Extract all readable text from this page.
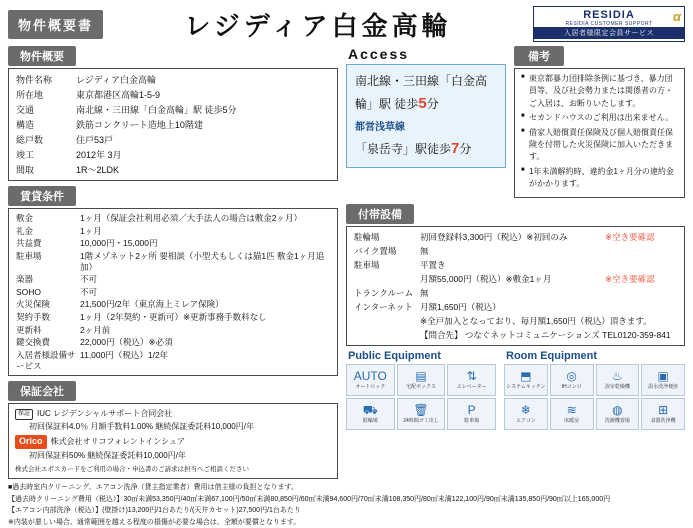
物件概要書	レジディア白金高輪	α
RESIDIA
RESIDIA CUSTOMER SUPPORT
入居者様限定会員サービス
物件概要
物件名称	レジディア白金高輪
所在地	東京都港区高輪1-5-9
交通	南北線・三田線「白金高輪」駅 徒歩5分
構造	鉄筋コンクリート造地上10階建
総戸数	住戸53戸
竣工	2012年 3月
間取	1R～2LDK
賃貸条件
敷金	1ヶ月（保証会社利用必須／大手法人の場合は敷金2ヶ月）
礼金	1ヶ月
共益費	10,000円・15,000円
駐車場	1階メゾネット2ヶ所 要相談（小型犬もしくは猫1匹 敷金1ヶ月追加）
楽器	不可
SOHO	不可
火災保険	21,500円/2年（東京海上ミレア保険）
契約手数	1ヶ月（2年契約・更新可）※更新事務手数料なし
更新料	2ヶ月前
鍵交換費	22,000円（税込）※必須
入居者様設備サービス	11,000円（税込）1/2年
保証会社
保証 IUC レジデンシャルサポート合同会社
初回保証料4.0％ 月額手数料1.00% 継続保証委託料10,000円/年
Orico	株式会社オリコフォレントインシュア
初回保証料50% 継続保証委託料10,000円/年
株式会社エポスカードをご利用の場合・申込書のご請求は担当へご相談ください
Access
南北線・三田線「白金高輪」駅 徒歩5分
都営浅草線
「泉岳寺」駅徒歩7分
備考
■ 東京都暴力団排除条例に基づき、暴力団員等、及び社会勢力または関係者の方・ご入居は、お断りいたします。
■ セカンドハウスのご利用は出来ません。
■ 借家人賠償責任保険及び個人賠償責任保険を付帯した火災保険に加入いただきます。
■ 1年未満解約時、違約金1ヶ月分の違約金がかかります。
付帯設備
駐輪場	初回登録料3,300円（税込）※初回のみ	※空き要確認
バイク置場	無	
駐車場	平置き	
	月額55,000円（税込）※敷金1ヶ月	※空き要確認
トランクルーム	無	
インターネット	月額1,650円（税込）	
	※全戸加入となっており、毎月額1,650円（税込）頂きます。	
	【問合先】 つなぐネットコミュニケーションズ TEL0120-359-841	
Public Equipment
AUTO
オートロック
▤
宅配ボックス
⇅
エレベーター
⛟
駐輪場
🗑
24時間ゴミ出し
P
駐車場
Room Equipment
⬒
システムキッチン
◎
IHコンロ
♨
浴室乾燥機
▣
温水洗浄便座
❄
エアコン
≋
床暖房
◍
洗濯機置場
⊞
食器洗浄機

■過去時室内クリーニング、エアコン洗浄（貸主指定業者）費用は借主様の負担となります。

【過去時クリーニング費用（税込）】30㎡未満53,350円/40㎡未満67,100円/50㎡未満80,850円/60㎡未満94,600円/70㎡未満108,350円/80㎡未満122,100円/90㎡未満135,850円/90㎡以上165,000円

【エアコン内部洗浄（税込）】(壁掛け)13,200円/1台あたり/(天井カセット)27,500円/1台あたり

※内装が悪しい場合、通常範囲を越える程度の損傷が必要な場合は、全額が要償となります。
